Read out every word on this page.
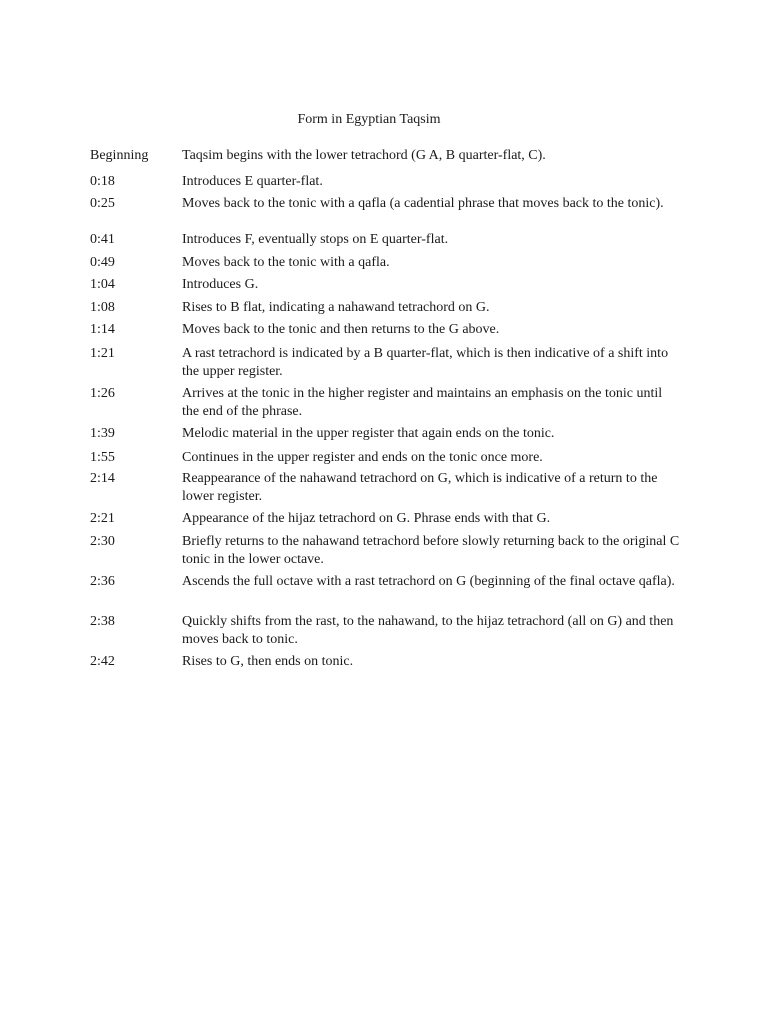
Form in Egyptian Taqsim
Beginning	Taqsim begins with the lower tetrachord (G A, B quarter-flat, C).
0:18	Introduces E quarter-flat.
0:25	Moves back to the tonic with a qafla (a cadential phrase that moves back to the tonic).
0:41	Introduces F, eventually stops on E quarter-flat.
0:49	Moves back to the tonic with a qafla.
1:04	Introduces G.
1:08	Rises to B flat, indicating a nahawand tetrachord on G.
1:14	Moves back to the tonic and then returns to the G above.
1:21	A rast tetrachord is indicated by a B quarter-flat, which is then indicative of a shift into the upper register.
1:26	Arrives at the tonic in the higher register and maintains an emphasis on the tonic until the end of the phrase.
1:39	Melodic material in the upper register that again ends on the tonic.
1:55	Continues in the upper register and ends on the tonic once more.
2:14	Reappearance of the nahawand tetrachord on G, which is indicative of a return to the lower register.
2:21	Appearance of the hijaz tetrachord on G. Phrase ends with that G.
2:30	Briefly returns to the nahawand tetrachord before slowly returning back to the original C tonic in the lower octave.
2:36	Ascends the full octave with a rast tetrachord on G (beginning of the final octave qafla).
2:38	Quickly shifts from the rast, to the nahawand, to the hijaz tetrachord (all on G) and then moves back to tonic.
2:42	Rises to G, then ends on tonic.
